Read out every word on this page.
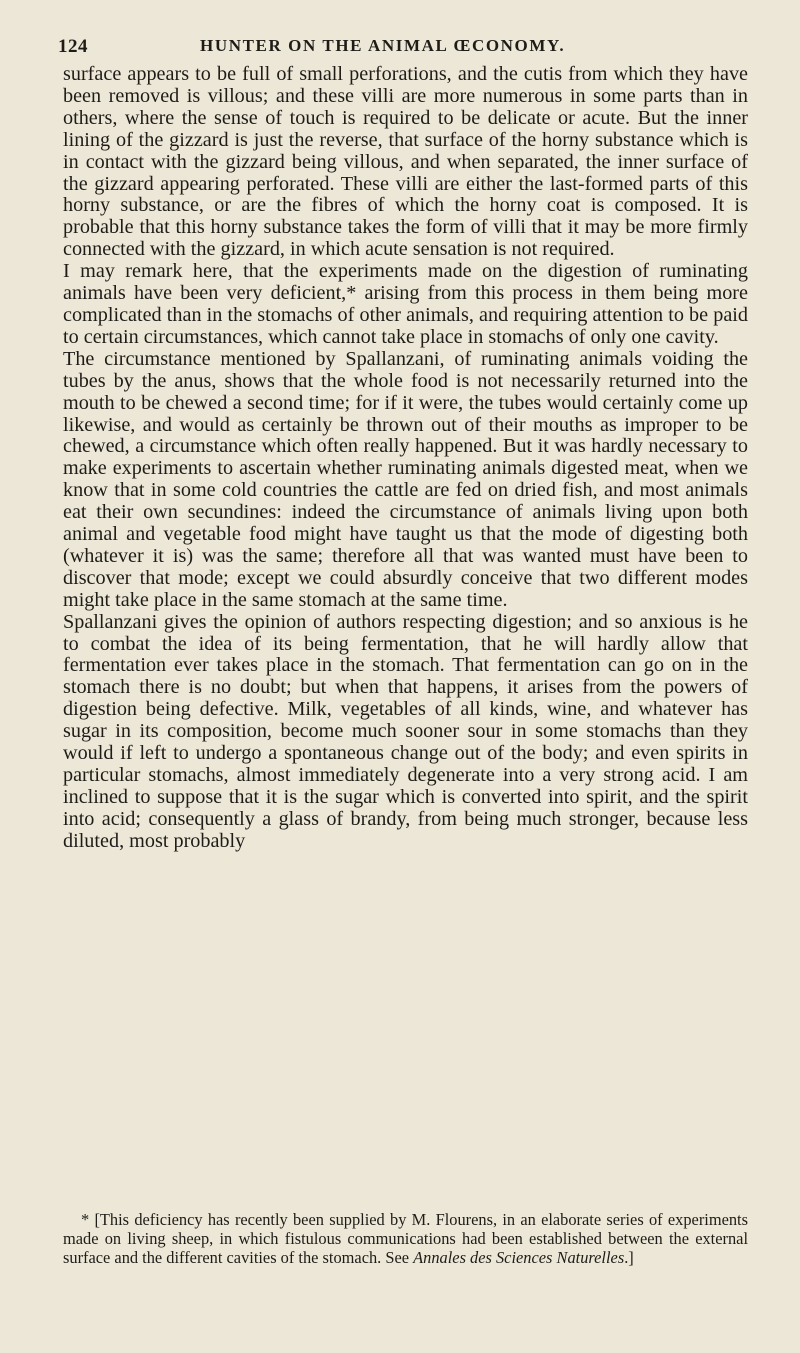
124	HUNTER ON THE ANIMAL ŒCONOMY.

surface appears to be full of small perforations, and the cutis from which they have been removed is villous; and these villi are more numerous in some parts than in others, where the sense of touch is required to be delicate or acute. But the inner lining of the gizzard is just the reverse, that surface of the horny substance which is in contact with the gizzard being villous, and when separated, the inner surface of the gizzard appearing perforated. These villi are either the last-formed parts of this horny substance, or are the fibres of which the horny coat is composed. It is probable that this horny substance takes the form of villi that it may be more firmly connected with the gizzard, in which acute sensation is not required.

I may remark here, that the experiments made on the digestion of ruminating animals have been very deficient,* arising from this process in them being more complicated than in the stomachs of other animals, and requiring attention to be paid to certain circumstances, which cannot take place in stomachs of only one cavity.

The circumstance mentioned by Spallanzani, of ruminating animals voiding the tubes by the anus, shows that the whole food is not necessarily returned into the mouth to be chewed a second time; for if it were, the tubes would certainly come up likewise, and would as certainly be thrown out of their mouths as improper to be chewed, a circumstance which often really happened. But it was hardly necessary to make experiments to ascertain whether ruminating animals digested meat, when we know that in some cold countries the cattle are fed on dried fish, and most animals eat their own secundines: indeed the circumstance of animals living upon both animal and vegetable food might have taught us that the mode of digesting both (whatever it is) was the same; therefore all that was wanted must have been to discover that mode; except we could absurdly conceive that two different modes might take place in the same stomach at the same time.

Spallanzani gives the opinion of authors respecting digestion; and so anxious is he to combat the idea of its being fermentation, that he will hardly allow that fermentation ever takes place in the stomach. That fermentation can go on in the stomach there is no doubt; but when that happens, it arises from the powers of digestion being defective. Milk, vegetables of all kinds, wine, and whatever has sugar in its composition, become much sooner sour in some stomachs than they would if left to undergo a spontaneous change out of the body; and even spirits in particular stomachs, almost immediately degenerate into a very strong acid. I am inclined to suppose that it is the sugar which is converted into spirit, and the spirit into acid; consequently a glass of brandy, from being much stronger, because less diluted, most probably

* [This deficiency has recently been supplied by M. Flourens, in an elaborate series of experiments made on living sheep, in which fistulous communications had been established between the external surface and the different cavities of the stomach. See Annales des Sciences Naturelles.]
